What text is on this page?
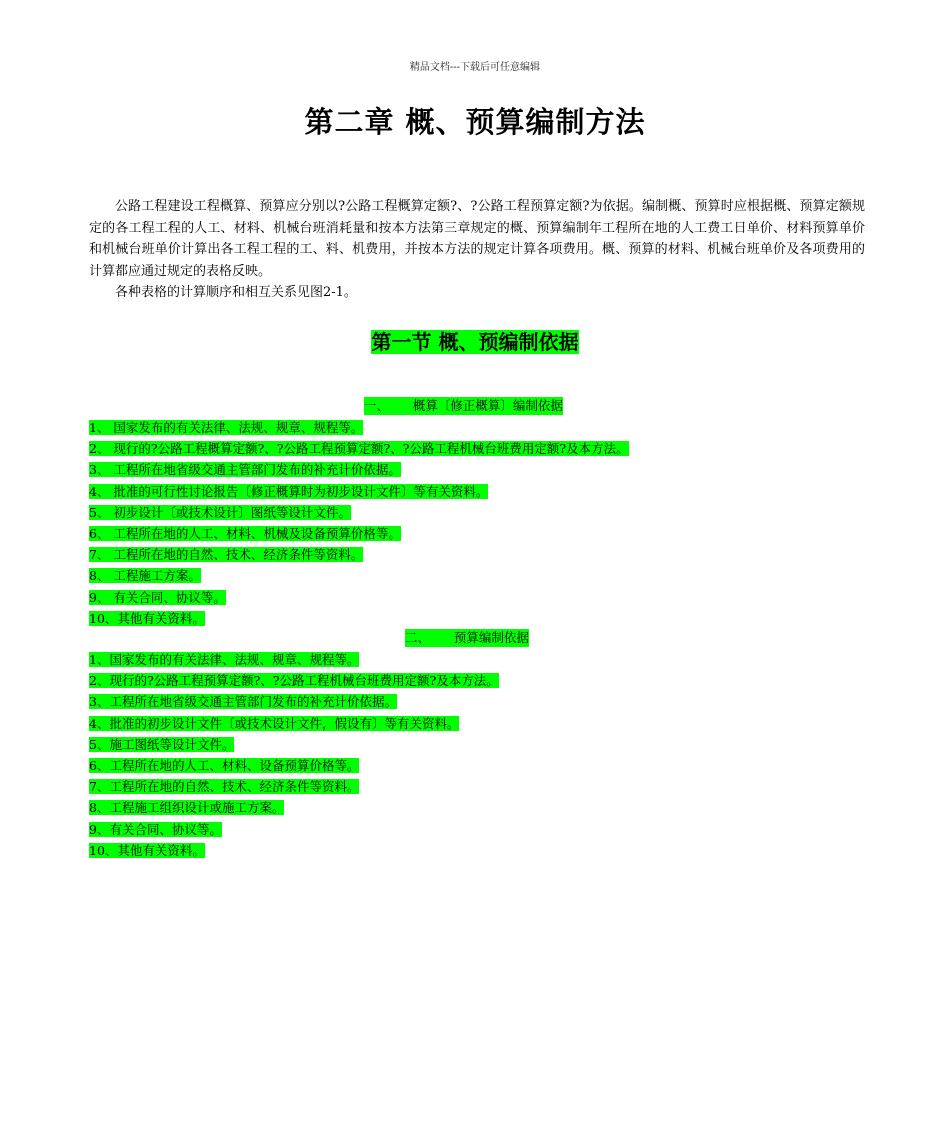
精品文档---下载后可任意编辑
第二章 概、预算编制方法

公路工程建设工程概算、预算应分别以?公路工程概算定额?、?公路工程预算定额?为依据。编制概、预算时应根据概、预算定额规定的各工程工程的人工、材料、机械台班消耗量和按本方法第三章规定的概、预算编制年工程所在地的人工费工日单价、材料预算单价和机械台班单价计算出各工程工程的工、料、机费用，并按本方法的规定计算各项费用。概、预算的材料、机械台班单价及各项费用的计算都应通过规定的表格反映。

各种表格的计算顺序和相互关系见图2-1。

第一节 概、预编制依据
一、      概算〔修正概算〕编制依据
1、 国家发布的有关法律、法规、规章、规程等。
2、 现行的?公路工程概算定额?、?公路工程预算定额?、?公路工程机械台班费用定额?及本方法。
3、 工程所在地省级交通主管部门发布的补充计价依据。
4、 批准的可行性讨论报告〔修正概算时为初步设计文件〕等有关资料。
5、 初步设计〔或技术设计〕图纸等设计文件。
6、 工程所在地的人工、材料、机械及设备预算价格等。
7、 工程所在地的自然、技术、经济条件等资料。
8、 工程施工方案。
9、 有关合同、协议等。
10、其他有关资料。
二、      预算编制依据
1、国家发布的有关法律、法规、规章、规程等。
2、现行的?公路工程预算定额?、?公路工程机械台班费用定额?及本方法。
3、工程所在地省级交通主管部门发布的补充计价依据。
4、批准的初步设计文件〔或技术设计文件，假设有〕等有关资料。
5、施工图纸等设计文件。
6、工程所在地的人工、材料、设备预算价格等。
7、工程所在地的自然、技术、经济条件等资料。
8、工程施工组织设计或施工方案。
9、有关合同、协议等。
10、其他有关资料。
